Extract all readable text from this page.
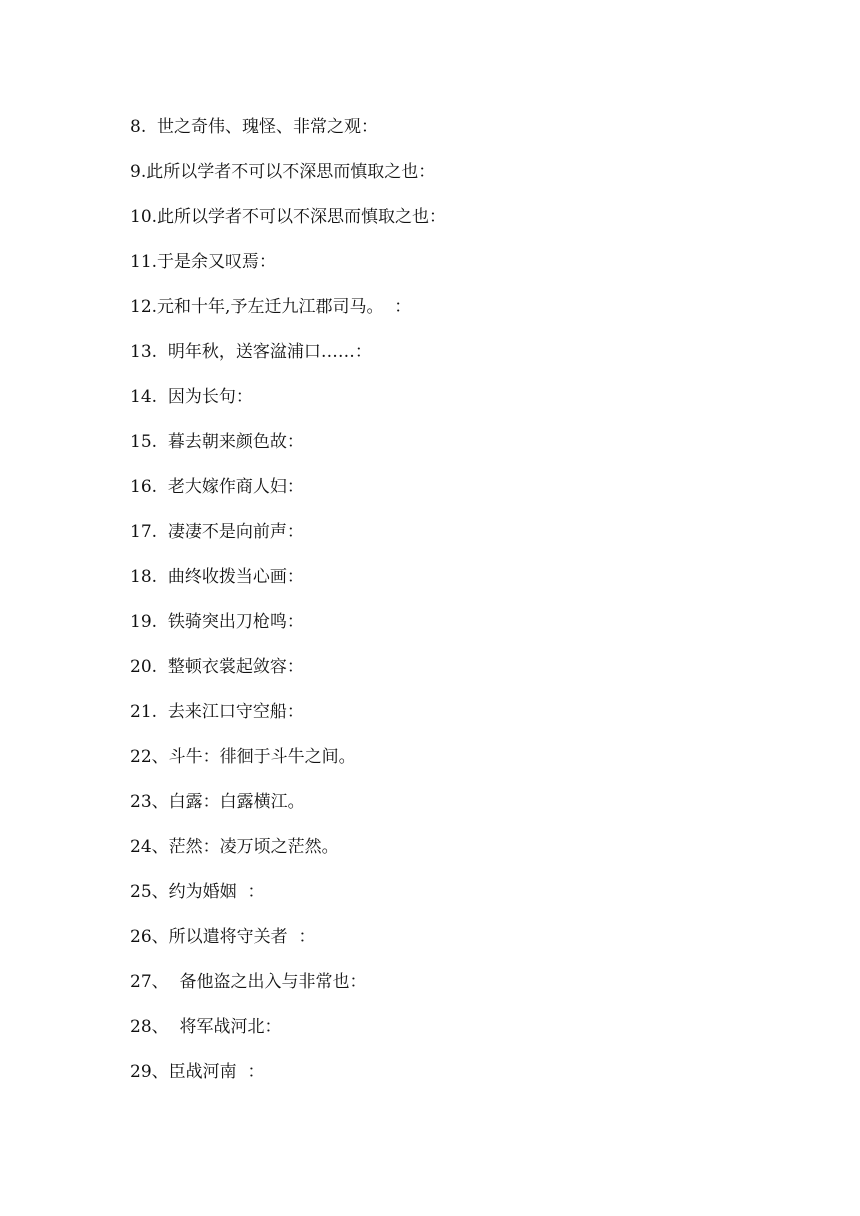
8.  世之奇伟、瑰怪、非常之观：
9.此所以学者不可以不深思而慎取之也：
10.此所以学者不可以不深思而慎取之也：
11.于是余又叹焉：
12.元和十年,予左迁九江郡司马。  ：
13.  明年秋，送客湓浦口……：
14.  因为长句：
15.  暮去朝来颜色故：
16.  老大嫁作商人妇：
17.  凄凄不是向前声：
18.  曲终收拨当心画：
19.  铁骑突出刀枪鸣：
20.  整顿衣裳起敛容：
21.  去来江口守空船：
22、斗牛：徘徊于斗牛之间。
23、白露：白露横江。
24、茫然：凌万顷之茫然。
25、约为婚姻  ：
26、所以遣将守关者  ：
27、  备他盗之出入与非常也：
28、  将军战河北：
29、臣战河南  ：
